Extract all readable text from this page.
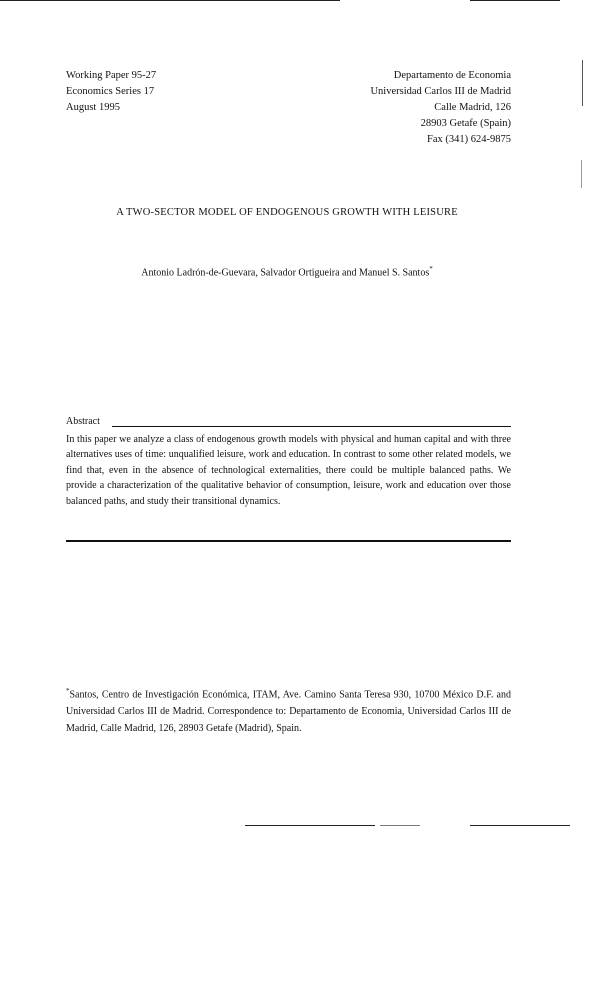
Working Paper 95-27
Economics Series 17
August 1995
Departamento de Economia
Universidad Carlos III de Madrid
Calle Madrid, 126
28903 Getafe (Spain)
Fax (341) 624-9875
A TWO-SECTOR MODEL OF ENDOGENOUS GROWTH WITH LEISURE
Antonio Ladrón-de-Guevara, Salvador Ortigueira and Manuel S. Santos*
Abstract
In this paper we analyze a class of endogenous growth models with physical and human capital and with three alternatives uses of time: unqualified leisure, work and education. In contrast to some other related models, we find that, even in the absence of technological externalities, there could be multiple balanced paths. We provide a characterization of the qualitative behavior of consumption, leisure, work and education over those balanced paths, and study their transitional dynamics.
*Santos, Centro de Investigación Económica, ITAM, Ave. Camino Santa Teresa 930, 10700 México D.F. and Universidad Carlos III de Madrid. Correspondence to: Departamento de Economia, Universidad Carlos III de Madrid, Calle Madrid, 126, 28903 Getafe (Madrid), Spain.
